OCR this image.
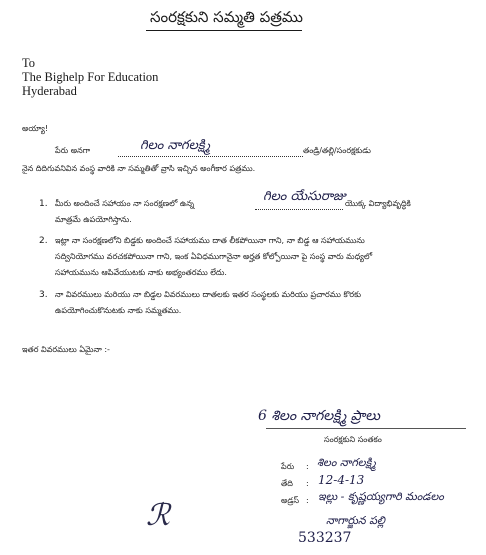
సంరక్షకుని సమ్మతి పత్రము
To
The Bighelp For Education
Hyderabad
అయ్యా!
పేరు అనగా	గిలం నాగలక్ష్మి	తండ్రి/తల్లి/సంరక్షకుడు
నైన దిదిగువనివిన వంస్థ వారికి నా సమ్మతితో వ్రాసి ఇచ్చిన అంగీకార పత్రము.
1. మీరు అందించే సహాయం నా సంరక్షణలో ఉన్న	గిలం యేసురాజు యొక్క విద్యాభివృద్ధికి
మాత్రమే ఉపయోగిస్తాను.
2. ఇట్లా నా సంరక్షణలోని బిడ్డకు అందించే సహాయము దాత లీకపోయినా గాని, నా బిడ్డ ఆ సహాయమును
సద్వినియోగము వరచకపోయినా గాని, ఇంక ఏవిధముగానైనా అర్హత కోల్పోయినా పై సంస్థ వారు మధ్యలో
సహాయమును ఆపివేయుటకు నాకు అభ్యంతరము లేదు.
3. నా వివరములు మరియు నా బిడ్డల వివరములు దాతలకు ఇతర సంస్థలకు మరియు ప్రచారము కొరకు
ఉపయోగించుకొనుటకు నాకు సమ్మతము.
ఇతర వివరములు ఏమైనా :-
6 శిలం నాగలక్ష్మి ప్రాలు
సంరక్షకుని సంతకం
పేరు : శిలం నాగలక్ష్మి
తేది : 12-4-13
అడ్రస్ : ఇల్లు - కృష్ణయ్యగారి మండలం
నాగార్జున పల్లి
ℛ
533237
